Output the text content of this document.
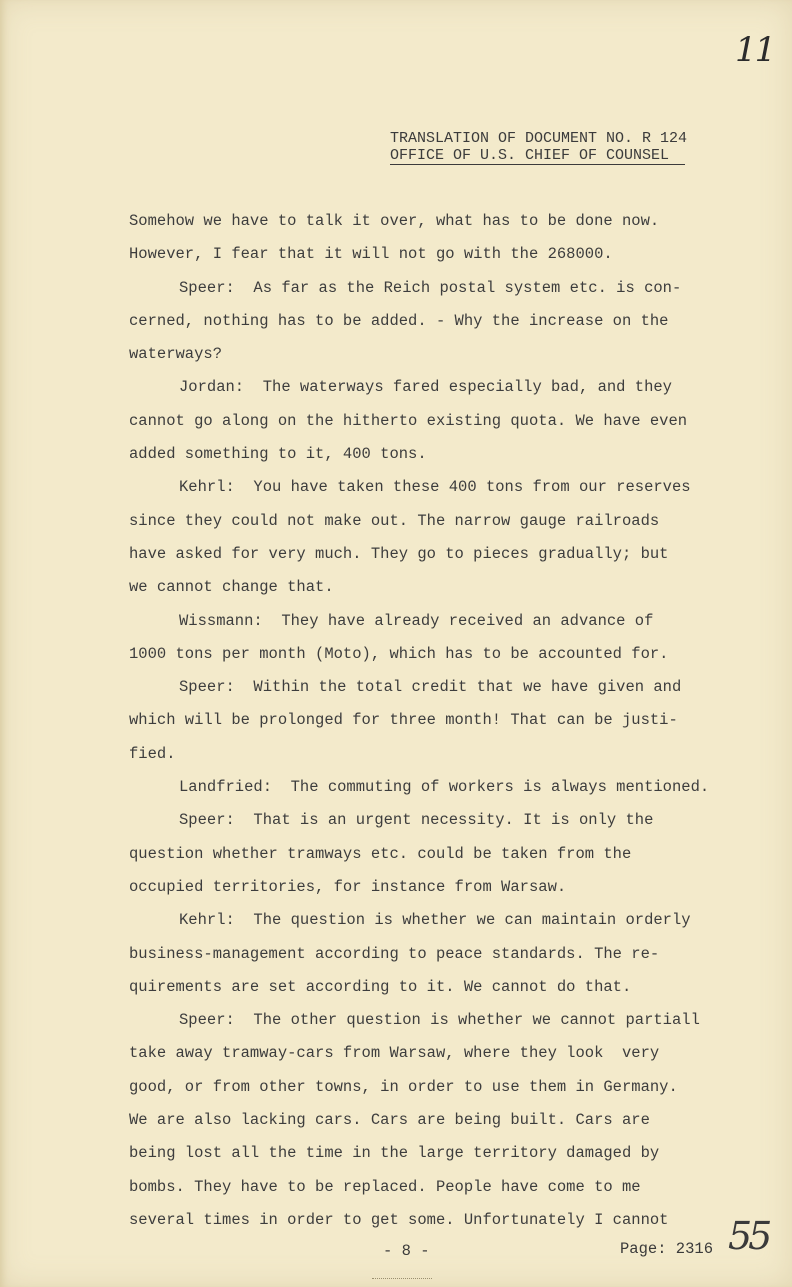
11
TRANSLATION OF DOCUMENT NO. R 124
OFFICE OF U.S. CHIEF OF COUNSEL
Somehow we have to talk it over, what has to be done now.
However, I fear that it will not go with the 268000.
Speer:  As far as the Reich postal system etc. is con-
cerned, nothing has to be added. - Why the increase on the
waterways?
Jordan:  The waterways fared especially bad, and they
cannot go along on the hitherto existing quota. We have even
added something to it, 400 tons.
Kehrl:  You have taken these 400 tons from our reserves
since they could not make out. The narrow gauge railroads
have asked for very much. They go to pieces gradually; but
we cannot change that.
Wissmann:  They have already received an advance of
1000 tons per month (Moto), which has to be accounted for.
Speer:  Within the total credit that we have given and
which will be prolonged for three month! That can be justi-
fied.
Landfried:  The commuting of workers is always mentioned.
Speer:  That is an urgent necessity. It is only the
question whether tramways etc. could be taken from the
occupied territories, for instance from Warsaw.
Kehrl:  The question is whether we can maintain orderly
business-management according to peace standards. The re-
quirements are set according to it. We cannot do that.
Speer:  The other question is whether we cannot partiall
take away tramway-cars from Warsaw, where they look  very
good, or from other towns, in order to use them in Germany.
We are also lacking cars. Cars are being built. Cars are
being lost all the time in the large territory damaged by
bombs. They have to be replaced. People have come to me
several times in order to get some. Unfortunately I cannot
- 8 -	Page: 2316 55
